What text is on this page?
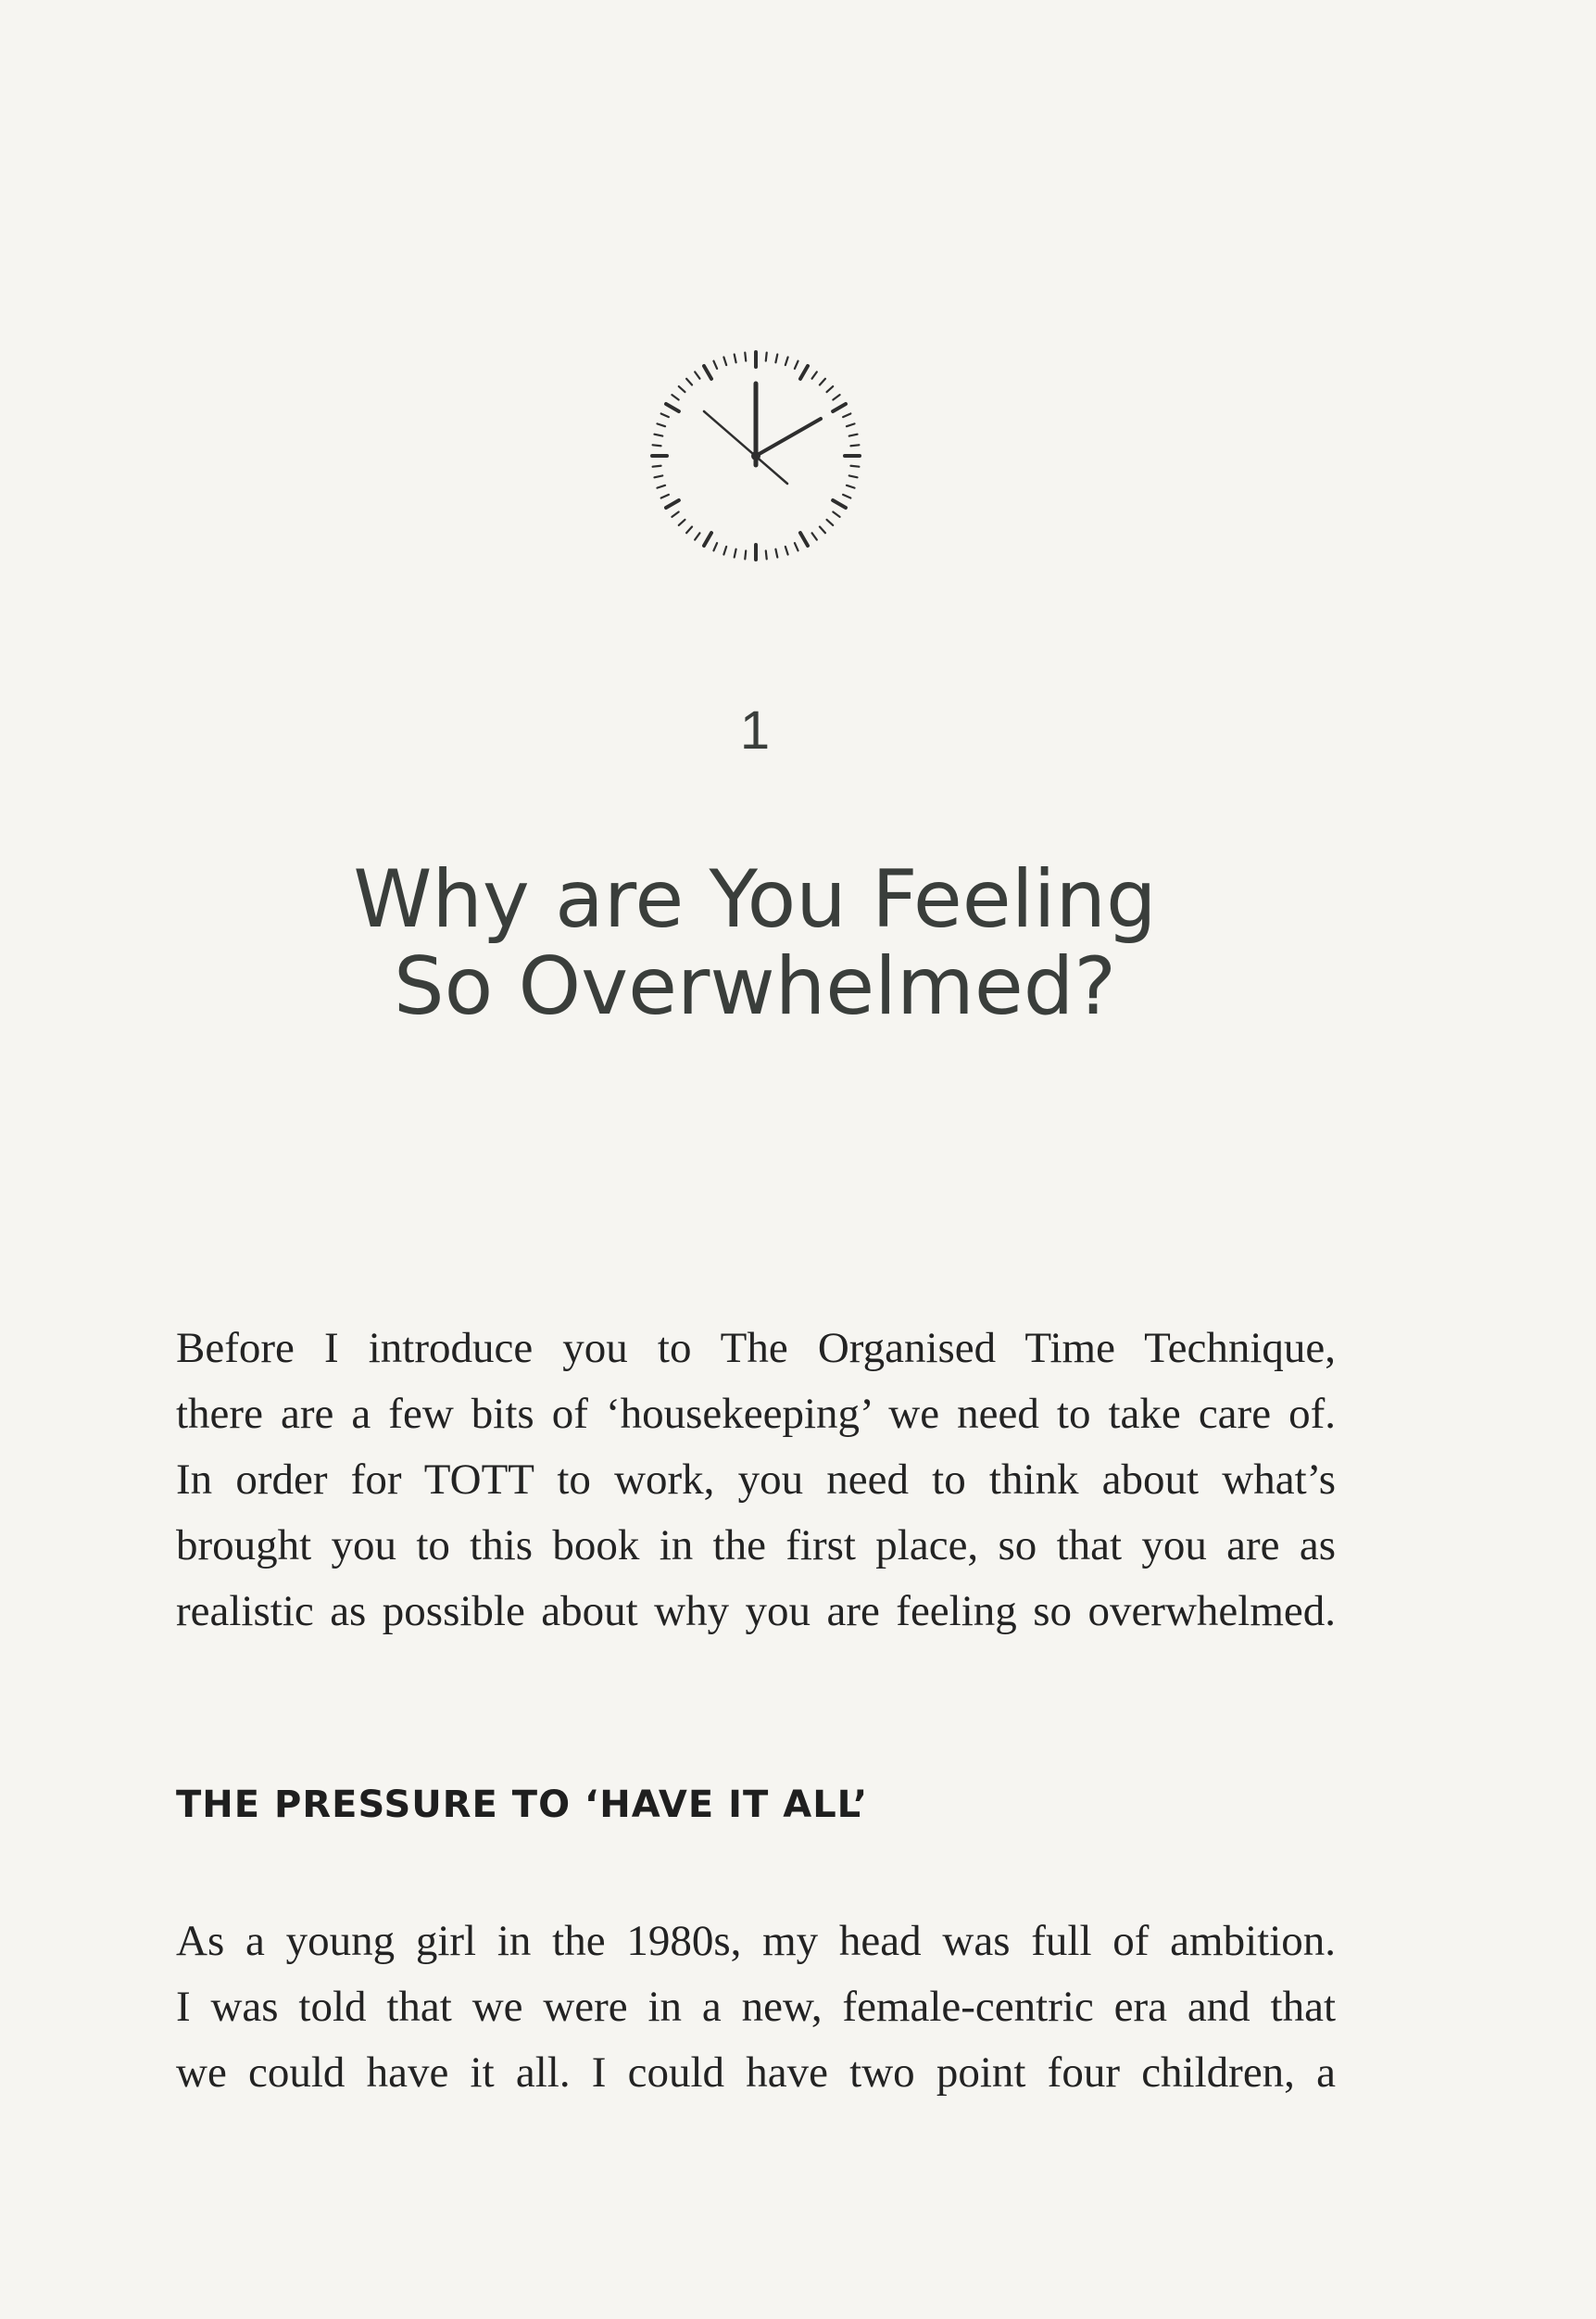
1
Why are You Feeling
So Overwhelmed?

Before I introduce you to The Organised Time Technique,
there are a few bits of ‘housekeeping’ we need to take care of.
In order for TOTT to work, you need to think about what’s
brought you to this book in the first place, so that you are as
realistic as possible about why you are feeling so overwhelmed.

THE PRESSURE TO ‘HAVE IT ALL’

As a young girl in the 1980s, my head was full of ambition.
I was told that we were in a new, female-centric era and that
we could have it all. I could have two point four children, a
